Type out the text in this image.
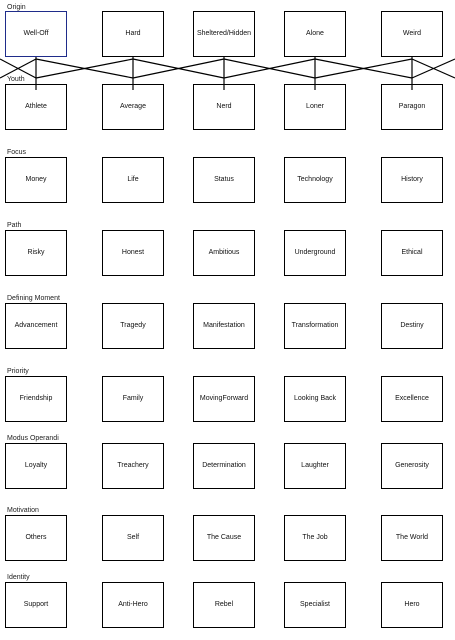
Origin
Well-Off	Hard	Sheltered/ Hidden	Alone	Weird
Youth
Athlete	Average	Nerd	Loner	Paragon
Focus
Money	Life	Status	Technology	History
Path
Risky	Honest	Ambitious	Underground	Ethical
Defining Moment
Advancement	Tragedy	Manifestation	Transformation	Destiny
Priority
Friendship	Family	Moving Forward	Looking Back	Excellence
Modus Operandi
Loyalty	Treachery	Determination	Laughter	Generosity
Motivation
Others	Self	The Cause	The Job	The World
Identity
Support	Anti-Hero	Rebel	Specialist	Hero
